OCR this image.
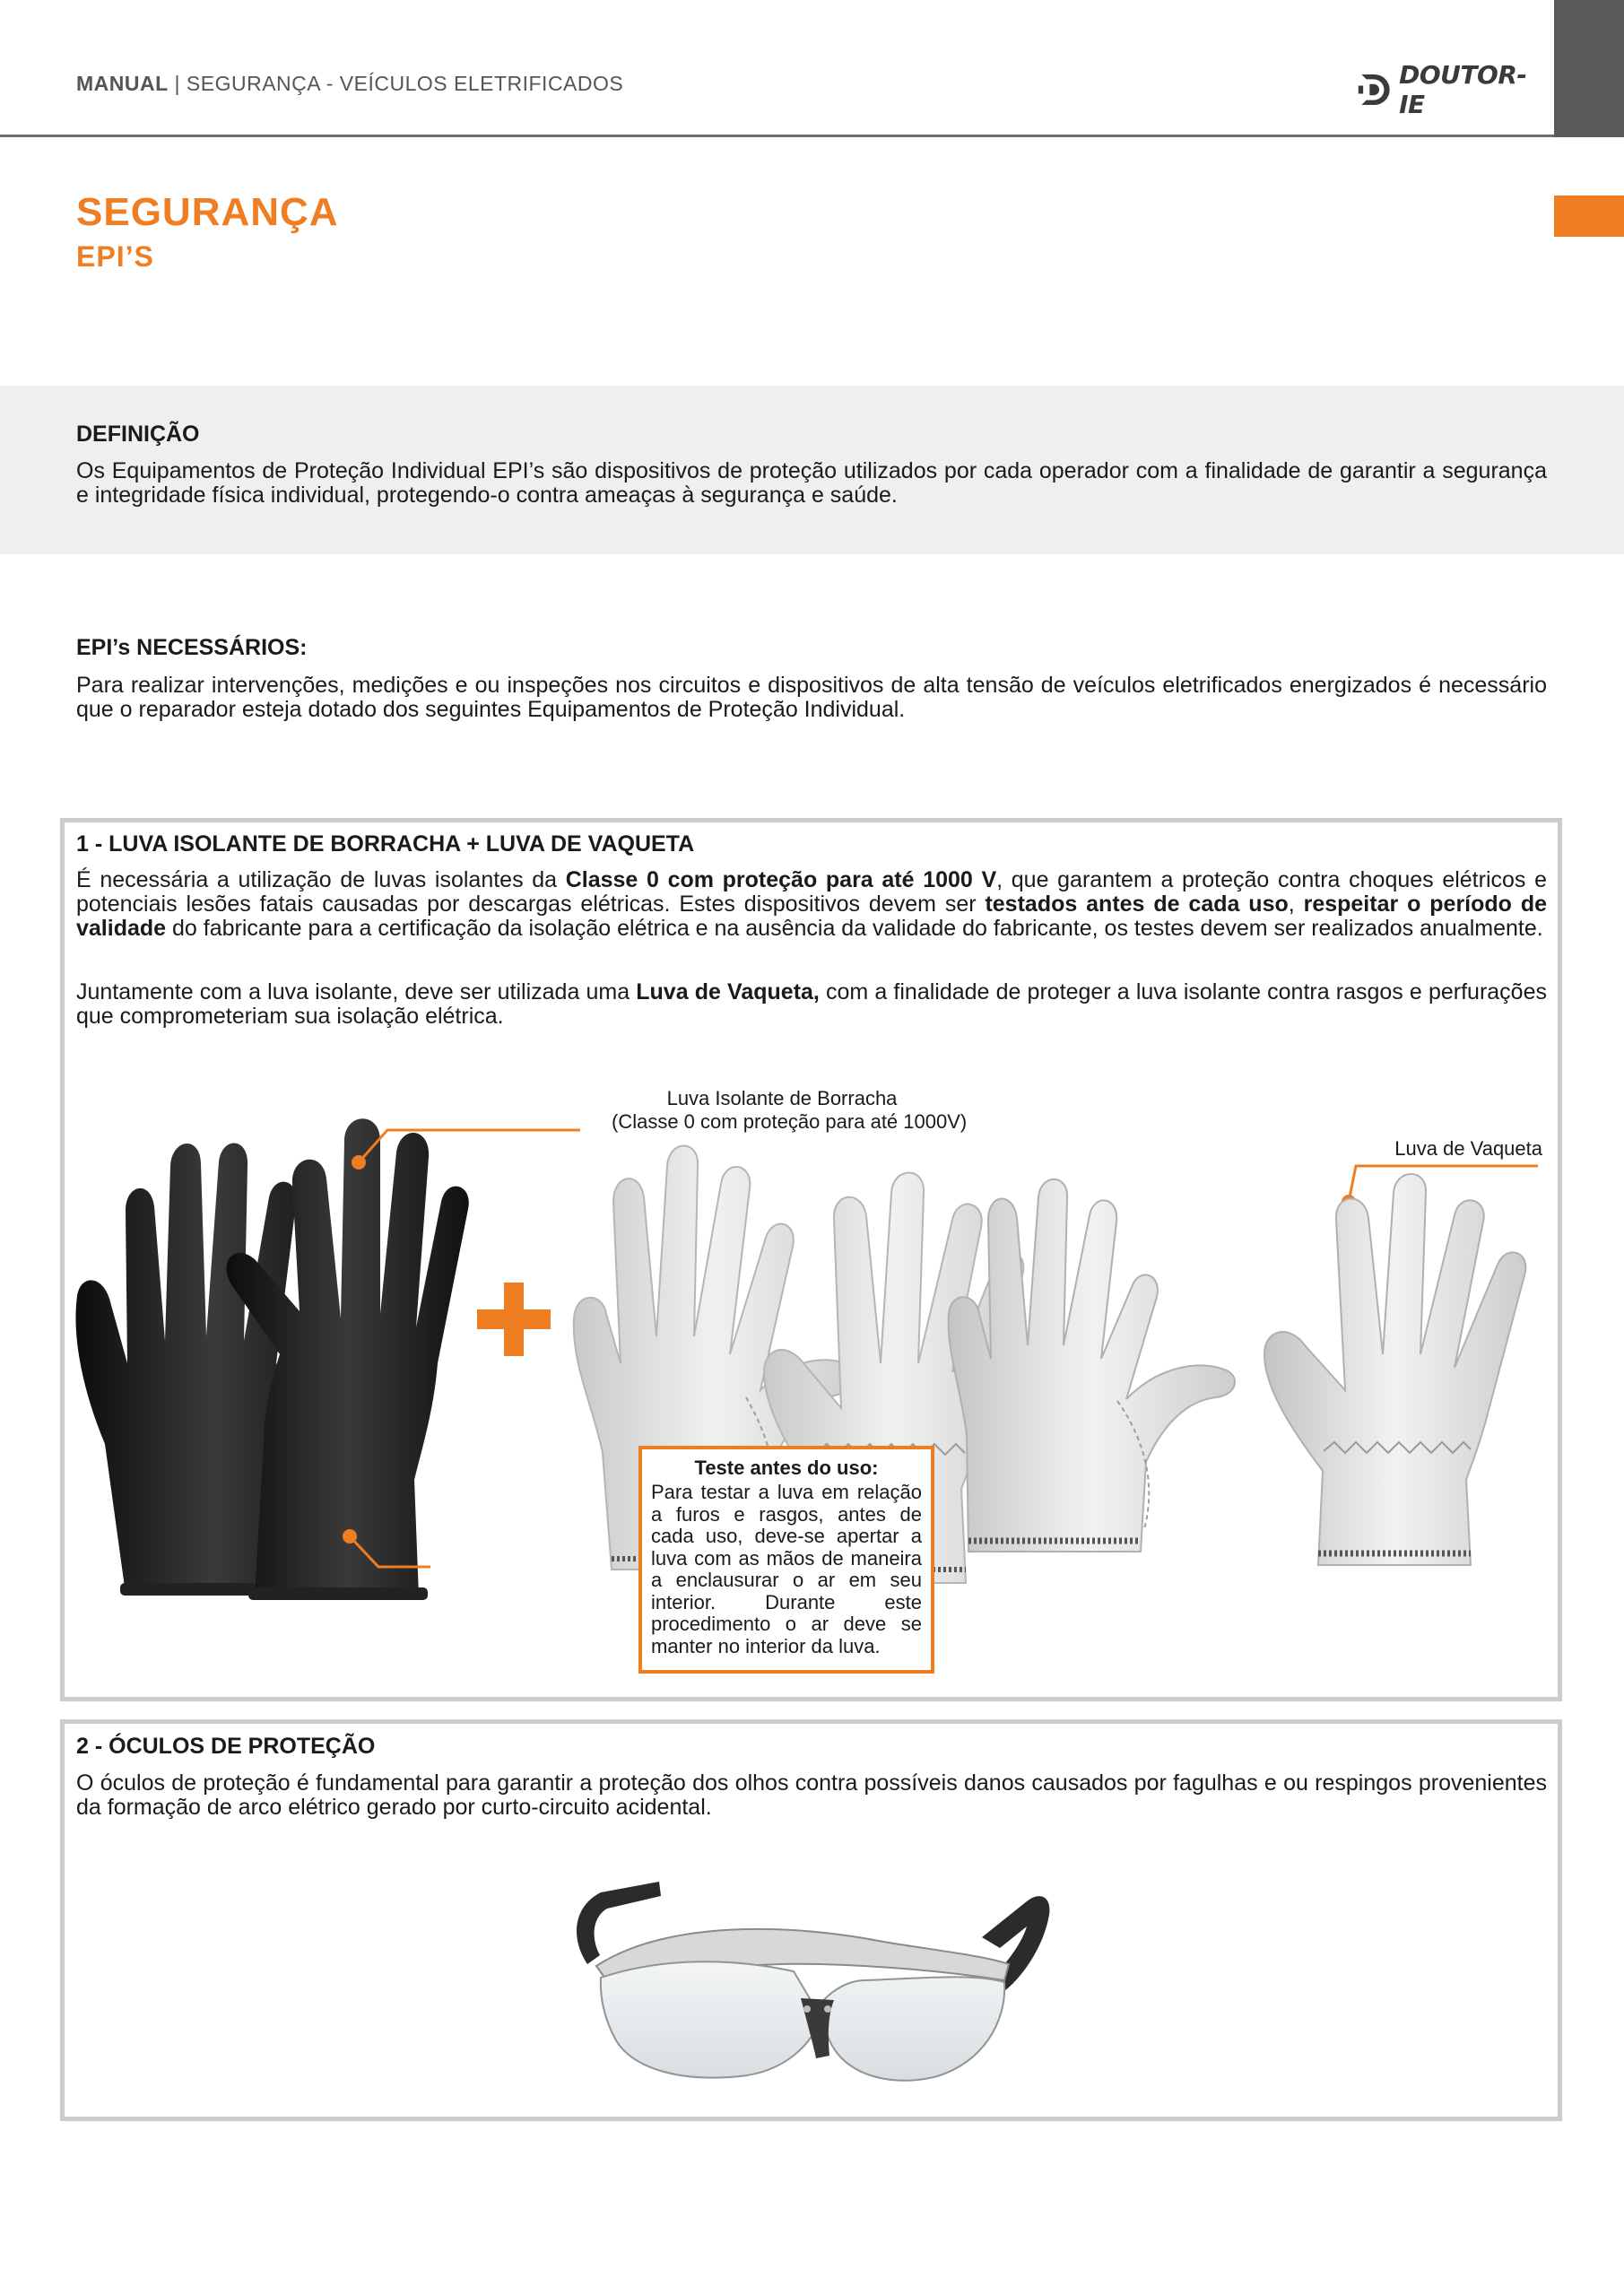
MANUAL | SEGURANÇA - VEÍCULOS ELETRIFICADOS	DOUTOR-IE
SEGURANÇA
EPI’S
DEFINIÇÃO
Os Equipamentos de Proteção Individual EPI’s são dispositivos de proteção utilizados por cada operador com a finalidade de garantir a segurança e integridade física individual, protegendo-o contra ameaças à segurança e saúde.
EPI’s NECESSÁRIOS:
Para realizar intervenções, medições e ou inspeções nos circuitos e dispositivos de alta tensão de veículos eletrificados energizados é necessário que o reparador esteja dotado dos seguintes Equipamentos de Proteção Individual.
1 - LUVA ISOLANTE DE BORRACHA + LUVA DE VAQUETA
É necessária a utilização de luvas isolantes da Classe 0 com proteção para até 1000 V, que garantem a proteção contra choques elétricos e potenciais lesões fatais causadas por descargas elétricas. Estes dispositivos devem ser testados antes de cada uso, respeitar o período de validade do fabricante para a certificação da isolação elétrica e na ausência da validade do fabricante, os testes devem ser realizados anualmente.
Juntamente com a luva isolante, deve ser utilizada uma Luva de Vaqueta, com a finalidade de proteger a luva isolante contra rasgos e perfurações que comprometeriam sua isolação elétrica.
Luva Isolante de Borracha
(Classe 0 com proteção para até 1000V)
Luva de Vaqueta
Teste antes do uso:
Para testar a luva em relação a furos e rasgos, antes de cada uso, deve-se apertar a luva com as mãos de maneira a enclausurar o ar em seu interior. Durante este procedimento o ar deve se manter no interior da luva.
2 - ÓCULOS DE PROTEÇÃO
O óculos de proteção é fundamental para garantir a proteção dos olhos contra possíveis danos causados por fagulhas e ou respingos provenientes da formação de arco elétrico gerado por curto-circuito acidental.
